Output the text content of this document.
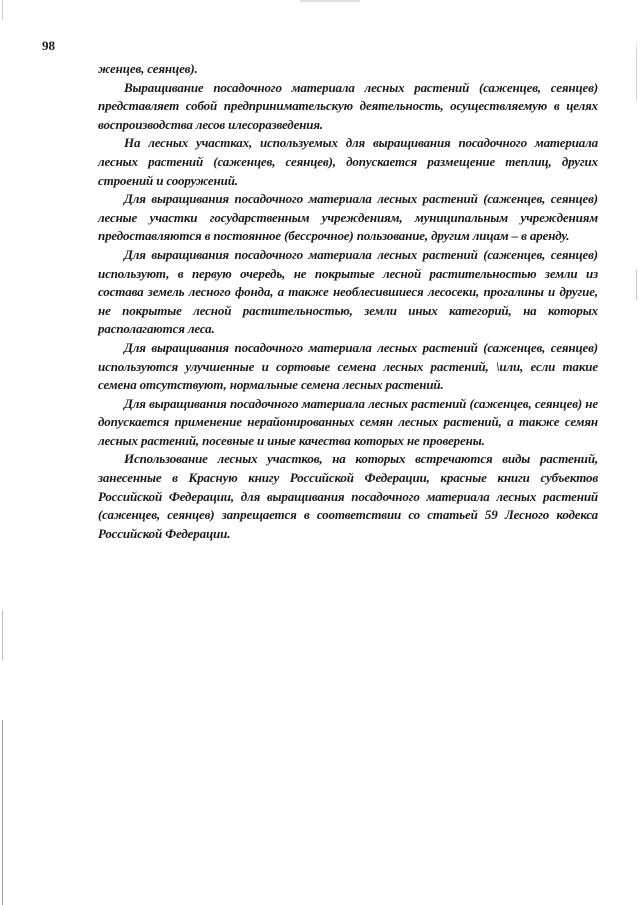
98

женцев, сеянцев).

Выращивание посадочного материала лесных растений (саженцев, сеянцев) представляет собой предпринимательскую деятельность, осуществляемую в целях воспроизводства лесов илесоразведения.

На лесных участках, используемых для выращивания посадочного материала лесных растений (саженцев, сеянцев), допускается размещение теплиц, других строений и сооружений.

Для выращивания посадочного материала лесных растений (саженцев, сеянцев) лесные участки государственным учреждениям, муниципальным учреждениям предоставляются в постоянное (бессрочное) пользование, другим лицам – в аренду.

Для выращивания посадочного материала лесных растений (саженцев, сеянцев) используют, в первую очередь, не покрытые лесной растительностью земли из состава земель лесного фонда, а также необлесившиеся лесосеки, прогалины и другие, не покрытые лесной растительностью, земли иных категорий, на которых располагаются леса.

Для выращивания посадочного материала лесных растений (саженцев, сеянцев) используются улучшенные и сортовые семена лесных растений, \или, если такие семена отсутствуют, нормальные семена лесных растений.

Для выращивания посадочного материала лесных растений (саженцев, сеянцев) не допускается применение нерайонированных семян лесных растений, а также семян лесных растений, посевные и иные качества которых не проверены.

Использование лесных участков, на которых встречаются виды растений, занесенные в Красную книгу Российской Федерации, красные книги субъектов Российской Федерации, для выращивания посадочного материала лесных растений (саженцев, сеянцев) запрещается в соответствии со статьей 59 Лесного кодекса Российской Федерации.
